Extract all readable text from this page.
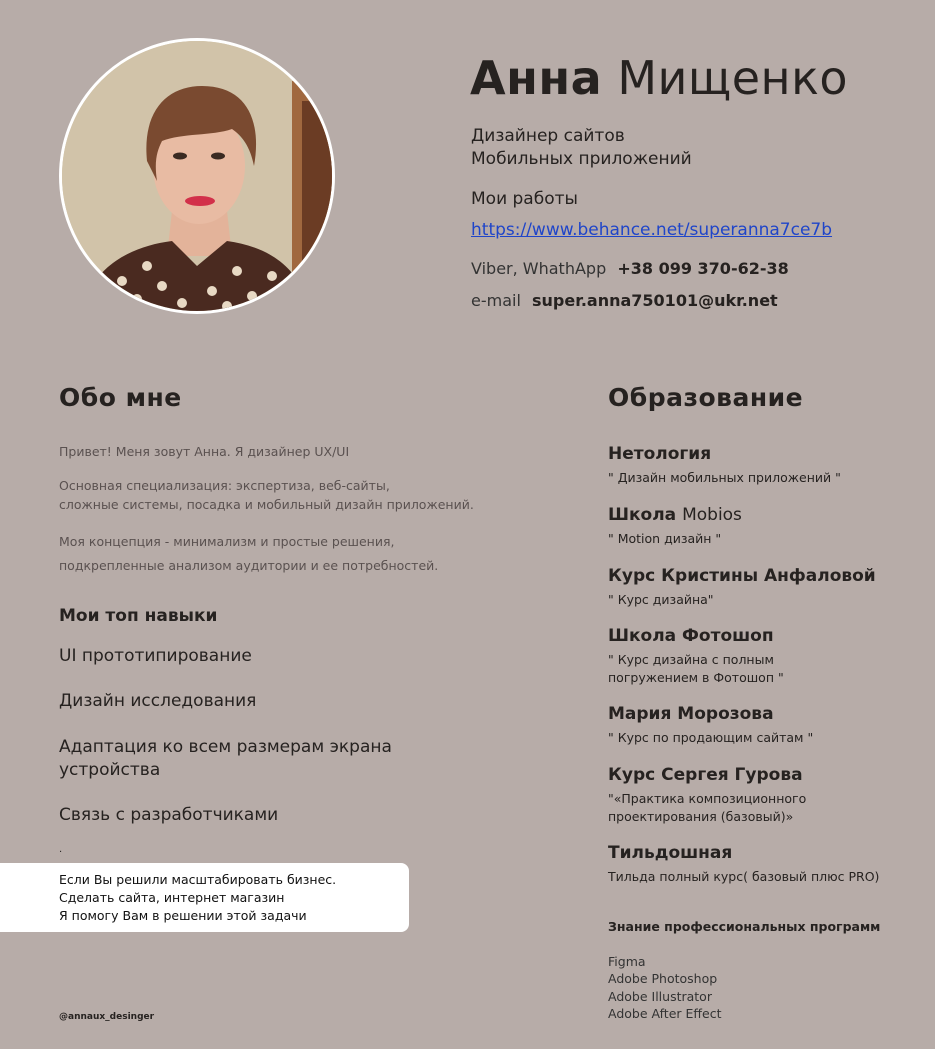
Анна Мищенко
Дизайнер сайтов
Мобильных приложений
Мои работы
https://www.behance.net/superanna7ce7b
Viber, WhathApp +38 099 370-62-38
e-mail super.anna750101@ukr.net
Обо мне
Привет! Меня зовут Анна. Я дизайнер UX/UI
Основная специализация: экспертиза, веб-сайты,
сложные системы, посадка и мобильный дизайн приложений.
Моя концепция - минимализм и простые решения,
подкрепленные анализом аудитории и ее потребностей.
Мои топ навыки
UI прототипирование
Дизайн исследования
Адаптация ко всем размерам экрана устройства
Связь с разработчиками
.
Если Вы решили масштабировать бизнес.
Сделать сайта, интернет магазин
Я помогу Вам в решении этой задачи
@annaux_desinger
Образование
Нетология
" Дизайн мобильных приложений "
Школа Mobios
" Motion дизайн "
Курс Кристины Анфаловой
" Курс дизайна"
Школа Фотошоп
" Курс дизайна с полным
погружением в Фотошоп "
Мария Морозова
" Курс по продающим сайтам "
Курс Сергея Гурова
"«Практика композиционного
проектирования (базовый)»
Тильдошная
Тильда полный курс( базовый плюс PRO)
Знание профессиональных программ
Figma
Adobe Photoshop
Adobe Illustrator
Adobe After Effect
